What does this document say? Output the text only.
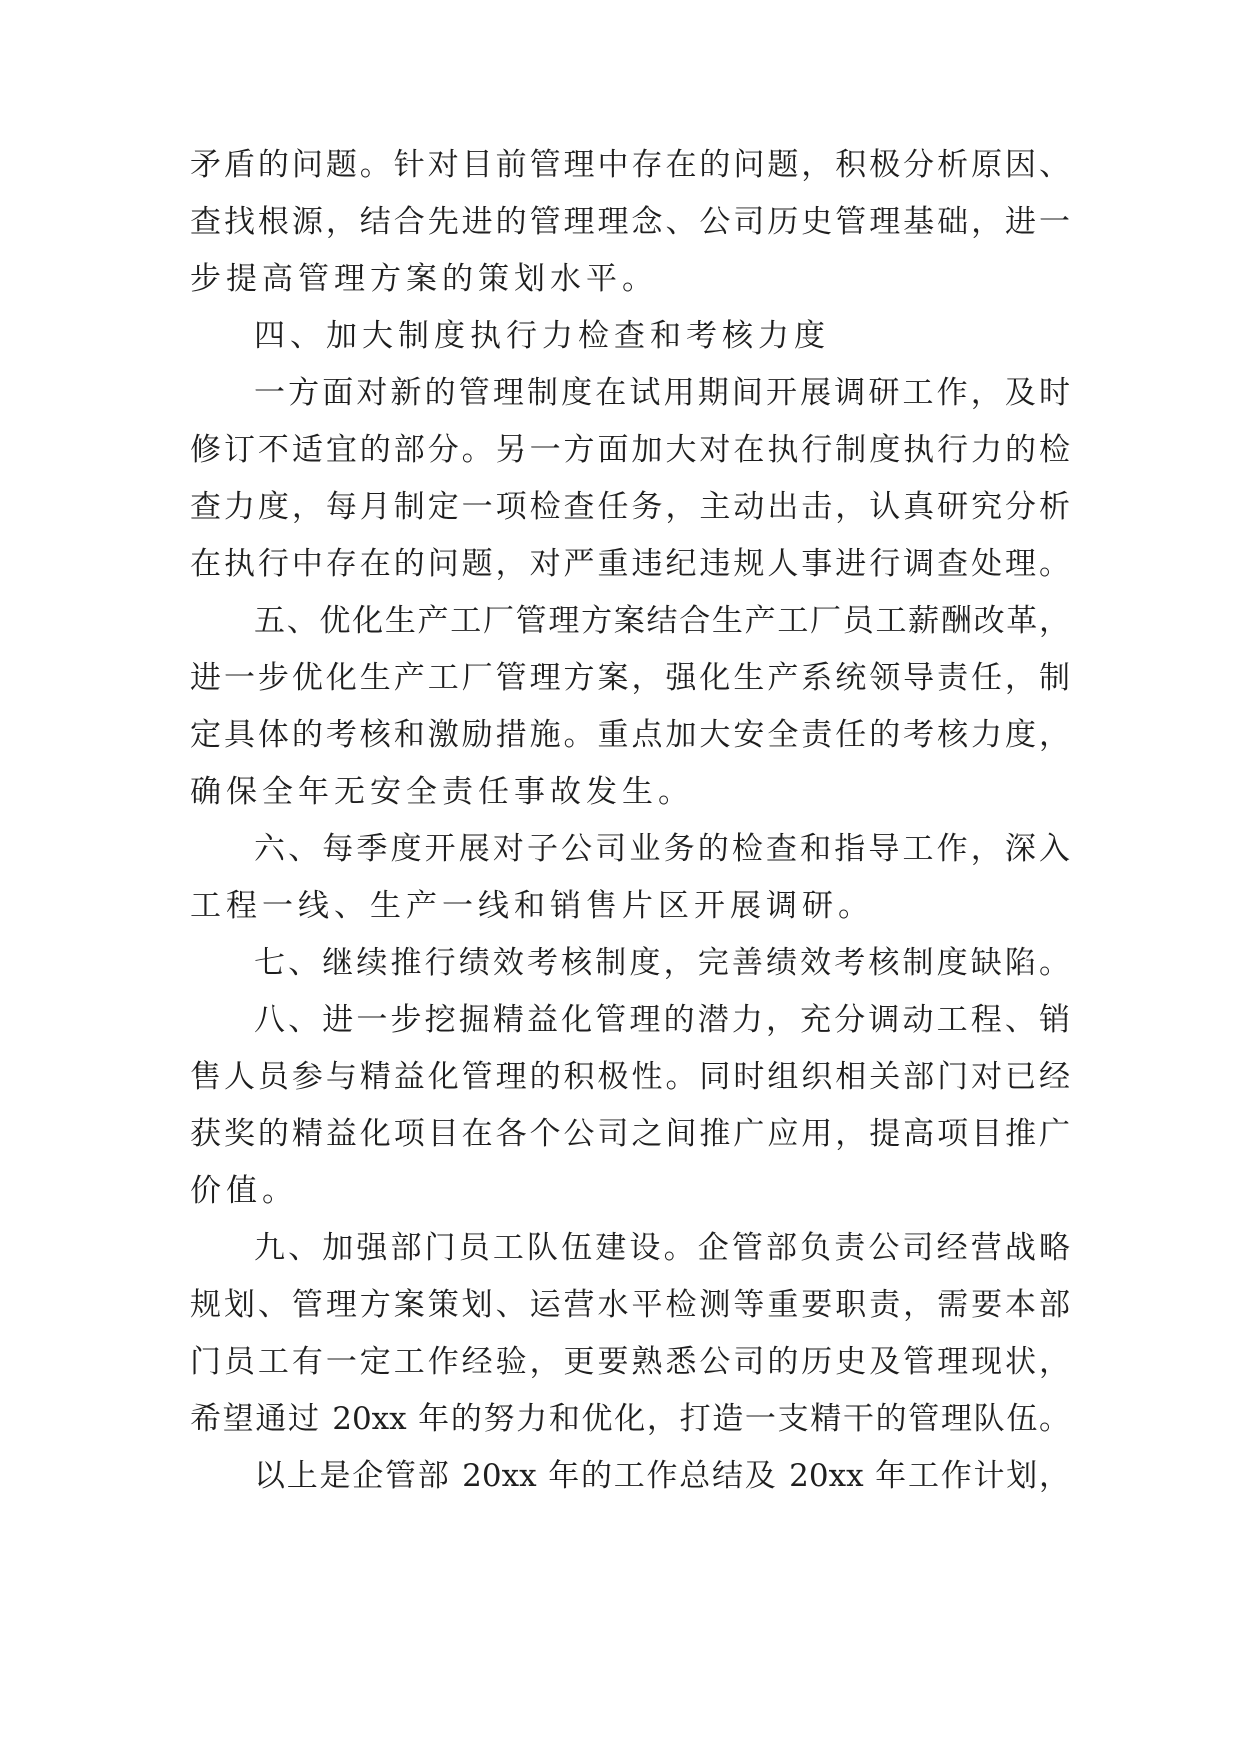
矛盾的问题。针对目前管理中存在的问题，积极分析原因、
查找根源，结合先进的管理理念、公司历史管理基础，进一
步提高管理方案的策划水平。
四、加大制度执行力检查和考核力度
一方面对新的管理制度在试用期间开展调研工作，及时
修订不适宜的部分。另一方面加大对在执行制度执行力的检
查力度，每月制定一项检查任务，主动出击，认真研究分析
在执行中存在的问题，对严重违纪违规人事进行调查处理。
五、优化生产工厂管理方案结合生产工厂员工薪酬改革，
进一步优化生产工厂管理方案，强化生产系统领导责任，制
定具体的考核和激励措施。重点加大安全责任的考核力度，
确保全年无安全责任事故发生。
六、每季度开展对子公司业务的检查和指导工作，深入
工程一线、生产一线和销售片区开展调研。
七、继续推行绩效考核制度，完善绩效考核制度缺陷。
八、进一步挖掘精益化管理的潜力，充分调动工程、销
售人员参与精益化管理的积极性。同时组织相关部门对已经
获奖的精益化项目在各个公司之间推广应用，提高项目推广
价值。
九、加强部门员工队伍建设。企管部负责公司经营战略
规划、管理方案策划、运营水平检测等重要职责，需要本部
门员工有一定工作经验，更要熟悉公司的历史及管理现状，
希望通过 20xx 年的努力和优化，打造一支精干的管理队伍。
以上是企管部 20xx 年的工作总结及 20xx 年工作计划，
